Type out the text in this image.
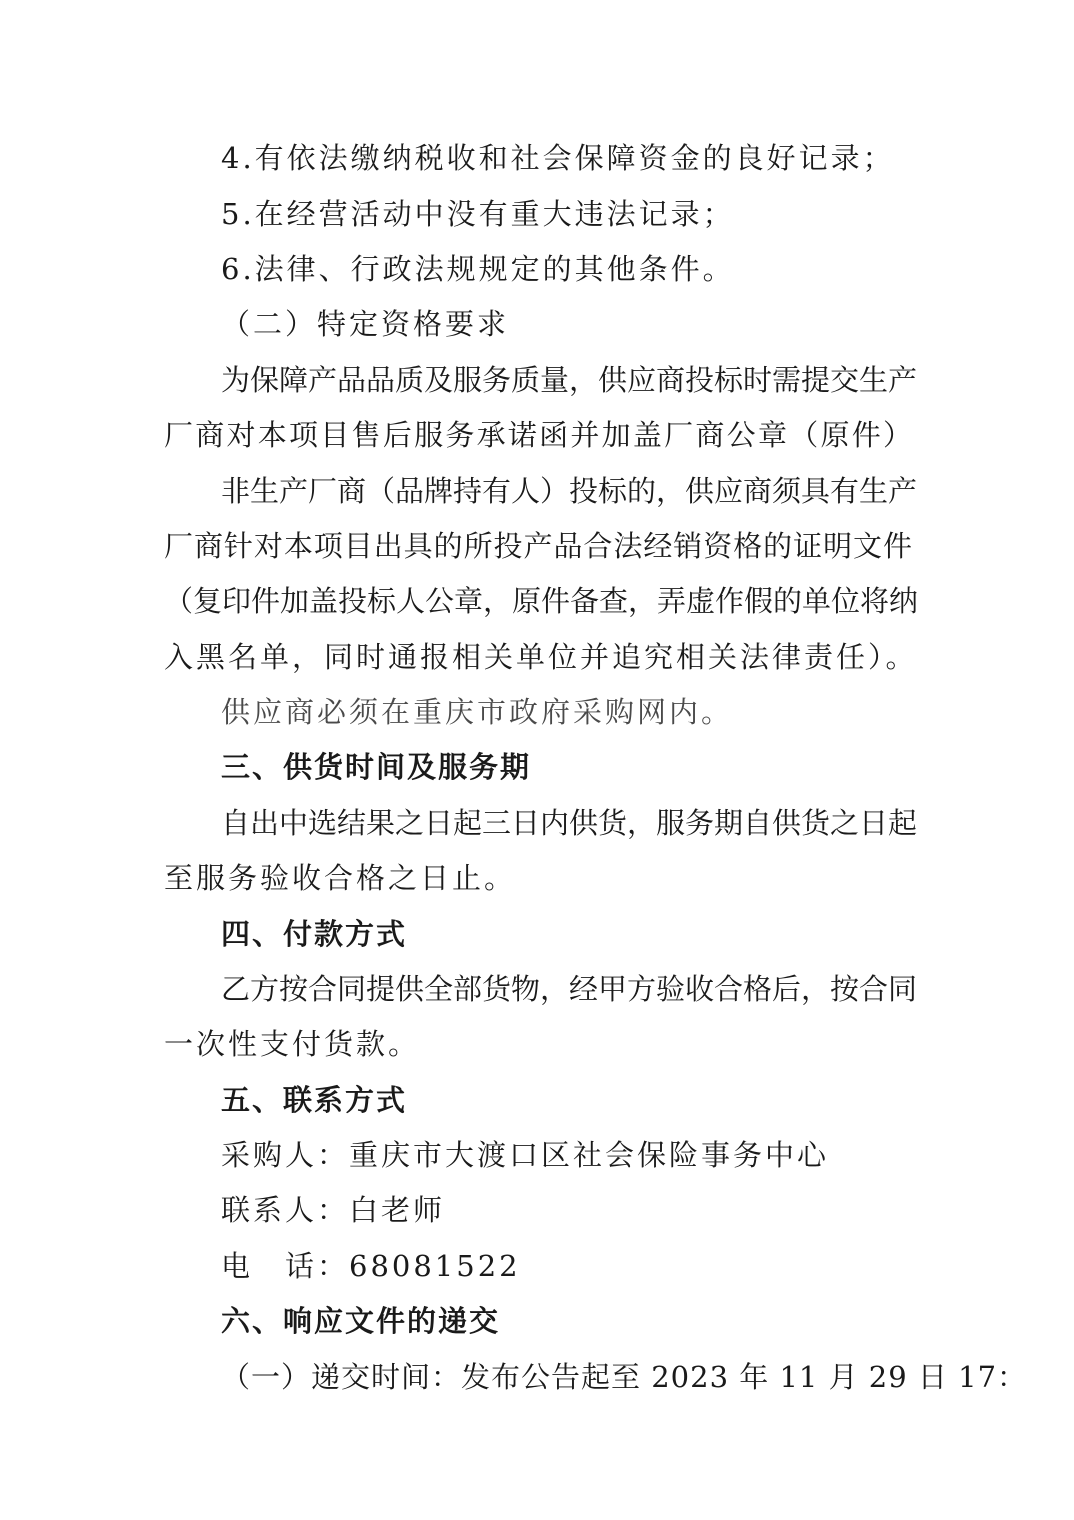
4.有依法缴纳税收和社会保障资金的良好记录；
5.在经营活动中没有重大违法记录；
6.法律、行政法规规定的其他条件。
（二）特定资格要求
为保障产品品质及服务质量，供应商投标时需提交生产
厂商对本项目售后服务承诺函并加盖厂商公章（原件）
非生产厂商（品牌持有人）投标的，供应商须具有生产
厂商针对本项目出具的所投产品合法经销资格的证明文件
（复印件加盖投标人公章，原件备查，弄虚作假的单位将纳
入黑名单，同时通报相关单位并追究相关法律责任）。
供应商必须在重庆市政府采购网内。
三、供货时间及服务期
自出中选结果之日起三日内供货，服务期自供货之日起
至服务验收合格之日止。
四、付款方式
乙方按合同提供全部货物，经甲方验收合格后，按合同
一次性支付货款。
五、联系方式
采购人：重庆市大渡口区社会保险事务中心
联系人：白老师
电　话：68081522
六、响应文件的递交
（一）递交时间：发布公告起至 2023 年 11 月 29 日 17：
